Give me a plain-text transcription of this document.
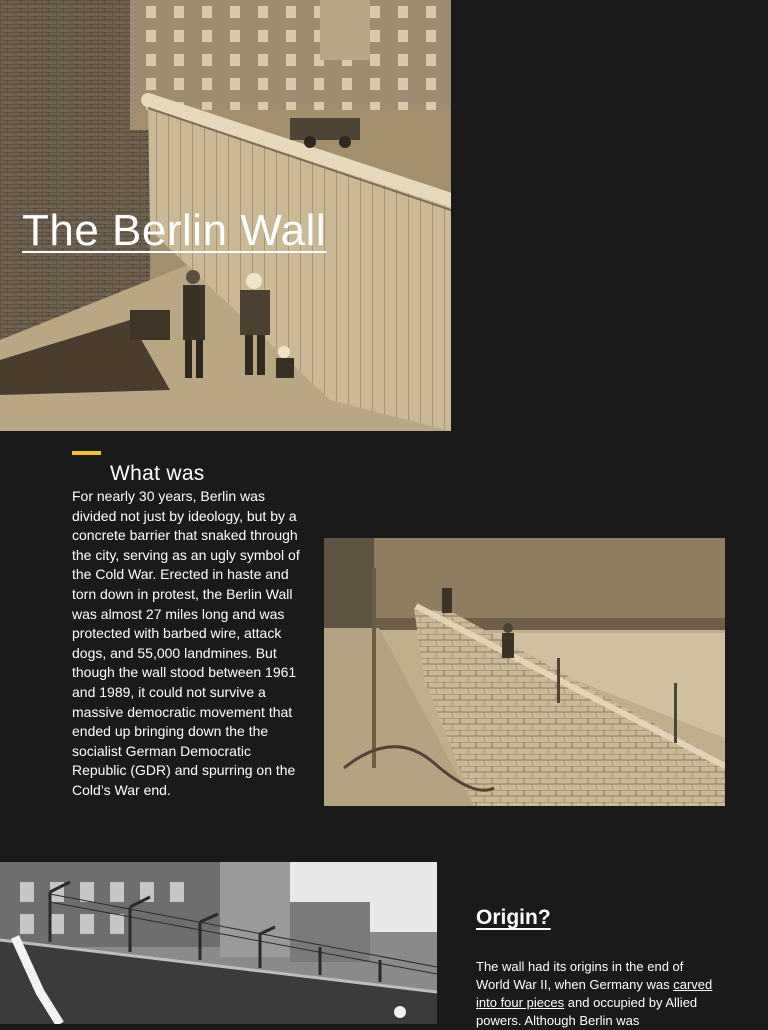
The Berlin Wall
What was

For nearly 30 years, Berlin was divided not just by ideology, but by a concrete barrier that snaked through the city, serving as an ugly symbol of the Cold War. Erected in haste and torn down in protest, the Berlin Wall was almost 27 miles long and was protected with barbed wire, attack dogs, and 55,000 landmines. But though the wall stood between 1961 and 1989, it could not survive a massive democratic movement that ended up bringing down the the socialist German Democratic Republic (GDR) and spurring on the Cold’s War end.

Origin?

The wall had its origins in the end of World War II, when Germany was carved into four pieces and occupied by Allied powers. Although Berlin was
